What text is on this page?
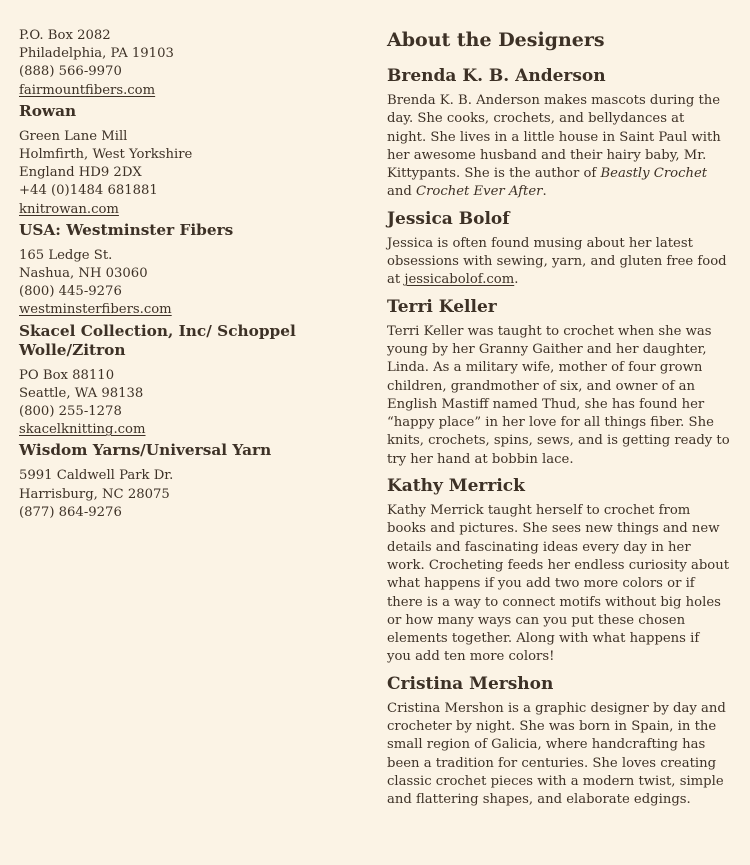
P.O. Box 2082
Philadelphia, PA 19103
(888) 566-9970
fairmountfibers.com
Rowan
Green Lane Mill
Holmfirth, West Yorkshire
England HD9 2DX
+44 (0)1484 681881
knitrowan.com
USA: Westminster Fibers
165 Ledge St.
Nashua, NH 03060
(800) 445-9276
westminsterfibers.com
Skacel Collection, Inc/ Schoppel
Wolle/Zitron
PO Box 88110
Seattle, WA 98138
(800) 255-1278
skacelknitting.com
Wisdom Yarns/Universal Yarn
5991 Caldwell Park Dr.
Harrisburg, NC 28075
(877) 864-9276
About the Designers
Brenda K. B. Anderson

Brenda K. B. Anderson makes mascots during the
day. She cooks, crochets, and bellydances at
night. She lives in a little house in Saint Paul with
her awesome husband and their hairy baby, Mr.
Kittypants. She is the author of Beastly Crochet
and Crochet Ever After.

Jessica Bolof

Jessica is often found musing about her latest
obsessions with sewing, yarn, and gluten free food
at jessicabolof.com.

Terri Keller

Terri Keller was taught to crochet when she was
young by her Granny Gaither and her daughter,
Linda. As a military wife, mother of four grown
children, grandmother of six, and owner of an
English Mastiff named Thud, she has found her
“happy place” in her love for all things fiber. She
knits, crochets, spins, sews, and is getting ready to
try her hand at bobbin lace.

Kathy Merrick

Kathy Merrick taught herself to crochet from
books and pictures. She sees new things and new
details and fascinating ideas every day in her
work. Crocheting feeds her endless curiosity about
what happens if you add two more colors or if
there is a way to connect motifs without big holes
or how many ways can you put these chosen
elements together. Along with what happens if
you add ten more colors!

Cristina Mershon

Cristina Mershon is a graphic designer by day and
crocheter by night. She was born in Spain, in the
small region of Galicia, where handcrafting has
been a tradition for centuries. She loves creating
classic crochet pieces with a modern twist, simple
and flattering shapes, and elaborate edgings.
